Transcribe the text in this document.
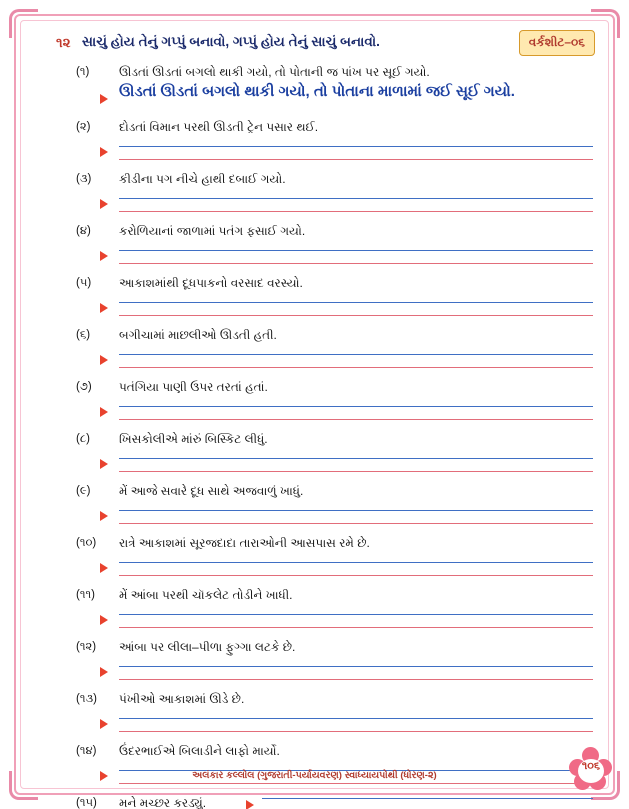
૧૨ સાચું હોય તેનું ગપ્પું બનાવો, ગપ્પું હોય તેનું સાચું બનાવો.	વર્કશીટ–૦૬
(૧) ઊડતાં ઊડતાં બગલો થાકી ગયો, તો પોતાની જ પાંખ પર સૂઈ ગયો.
ઊડતાં ઊડતાં બગલો થાકી ગયો, તો પોતાના માળામાં જઈ સૂઈ ગયો.
(૨) દોડતાં વિમાન પરથી ઊડતી ટ્રેન પસાર થઈ.
(૩) કીડીના પગ નીચે હાથી દબાઈ ગયો.
(૪) કરોળિયાનાં જાળામાં પતંગ ફસાઈ ગયો.
(૫) આકાશમાંથી દૂધપાકનો વરસાદ વરસ્યો.
(૬) બગીચામાં માછલીઓ ઊડતી હતી.
(૭) પતંગિયા પાણી ઉપર તરતાં હતાં.
(૮) ખિસકોલીએ માંરું બિસ્કિટ લીધું.
(૯) મેં આજે સવારે દૂધ સાથે અજવાળું ખાધું.
(૧૦) રાત્રે આકાશમાં સૂરજદાદા તારાઓની આસપાસ રમે છે.
(૧૧) મેં આંબા પરથી ચૉકલેટ તોડીને ખાધી.
(૧૨) આંબા પર લીલા–પીળા ફુગ્ગા લટકે છે.
(૧૩) પંખીઓ આકાશમાં ઊડે છે.
(૧૪) ઉંદરભાઈએ બિલાડીને લાફો માર્યો.
(૧૫) મને મચ્છર કરડ્યું.
અલંકાર કલ્લોલ (ગુજરાતી-પર્યાયવરણ) સ્વાધ્યાયપોથી (ધોરણ-૨)
૧૦૬
